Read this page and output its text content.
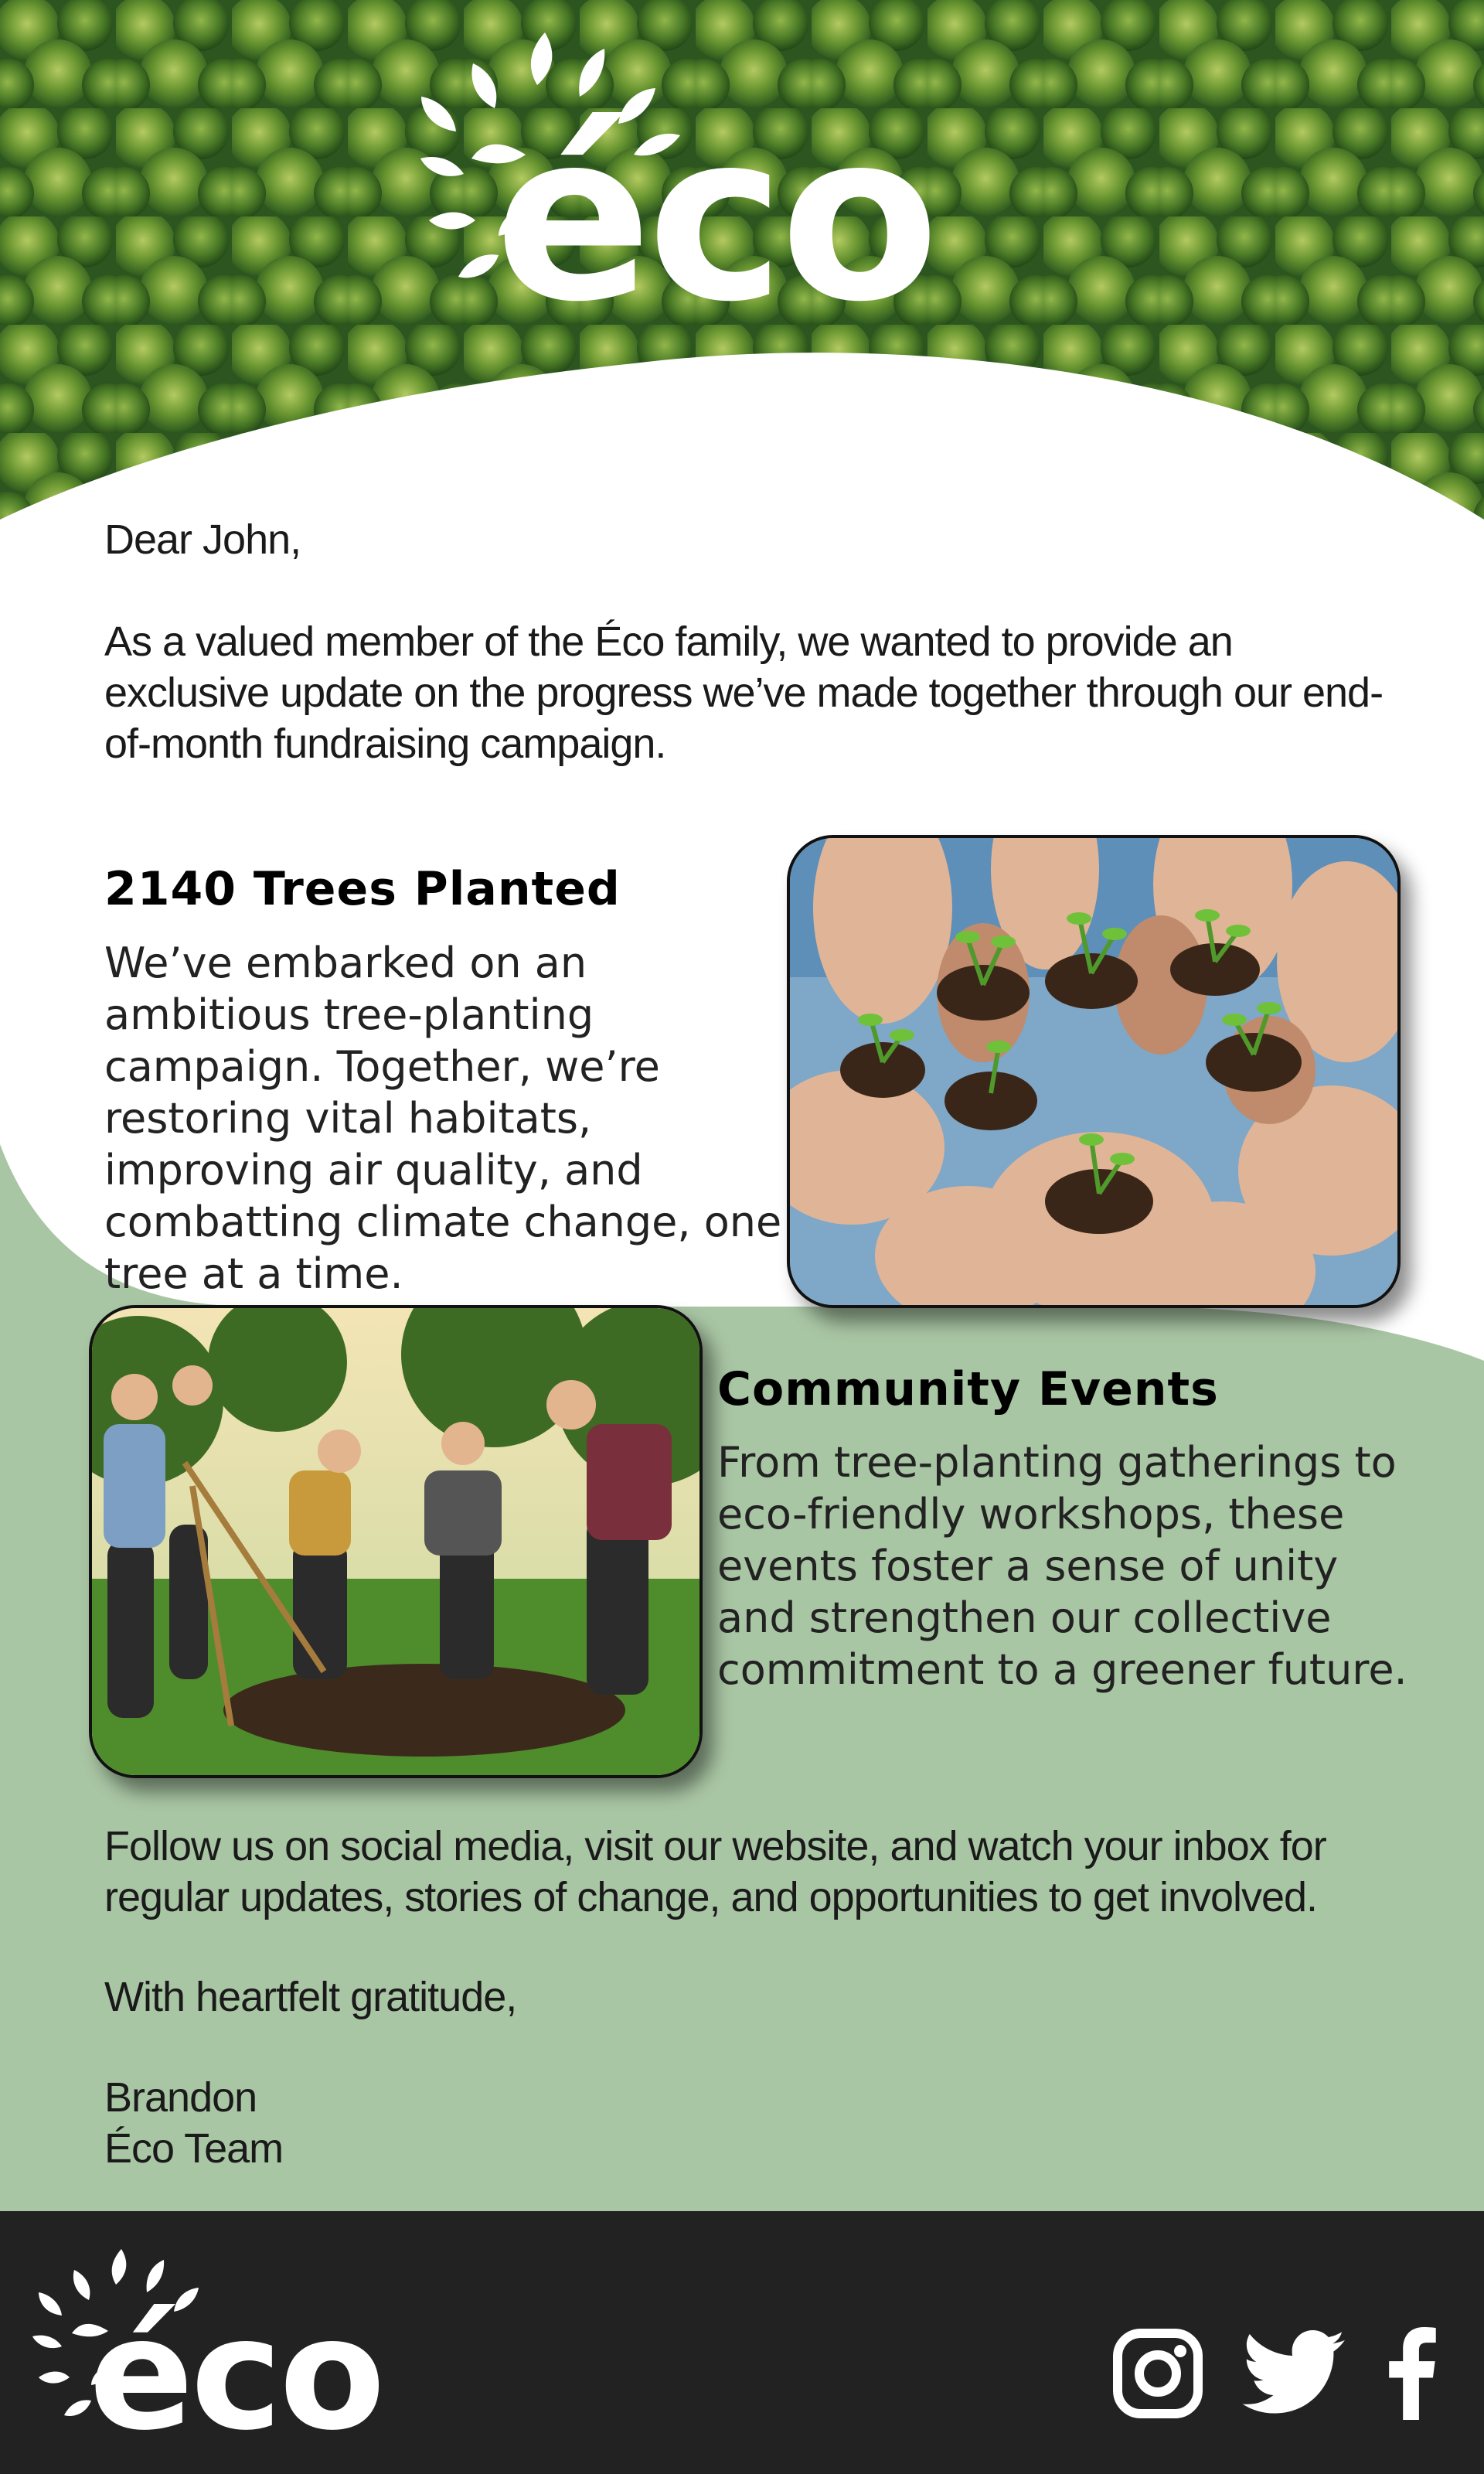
éco
Dear John,
As a valued member of the Éco family, we wanted to provide an exclusive update on the progress we’ve made together through our end-of-month fundraising campaign.
2140 Trees Planted
We’ve embarked on an ambitious tree-planting campaign. Together, we’re restoring vital habitats, improving air quality, and combatting climate change, one tree at a time.
Community Events
From tree-planting gatherings to eco-friendly workshops, these events foster a sense of unity and strengthen our collective commitment to a greener future.
Follow us on social media, visit our website, and watch your inbox for regular updates, stories of change, and opportunities to get involved.
With heartfelt gratitude,
Brandon
Éco Team
éco
